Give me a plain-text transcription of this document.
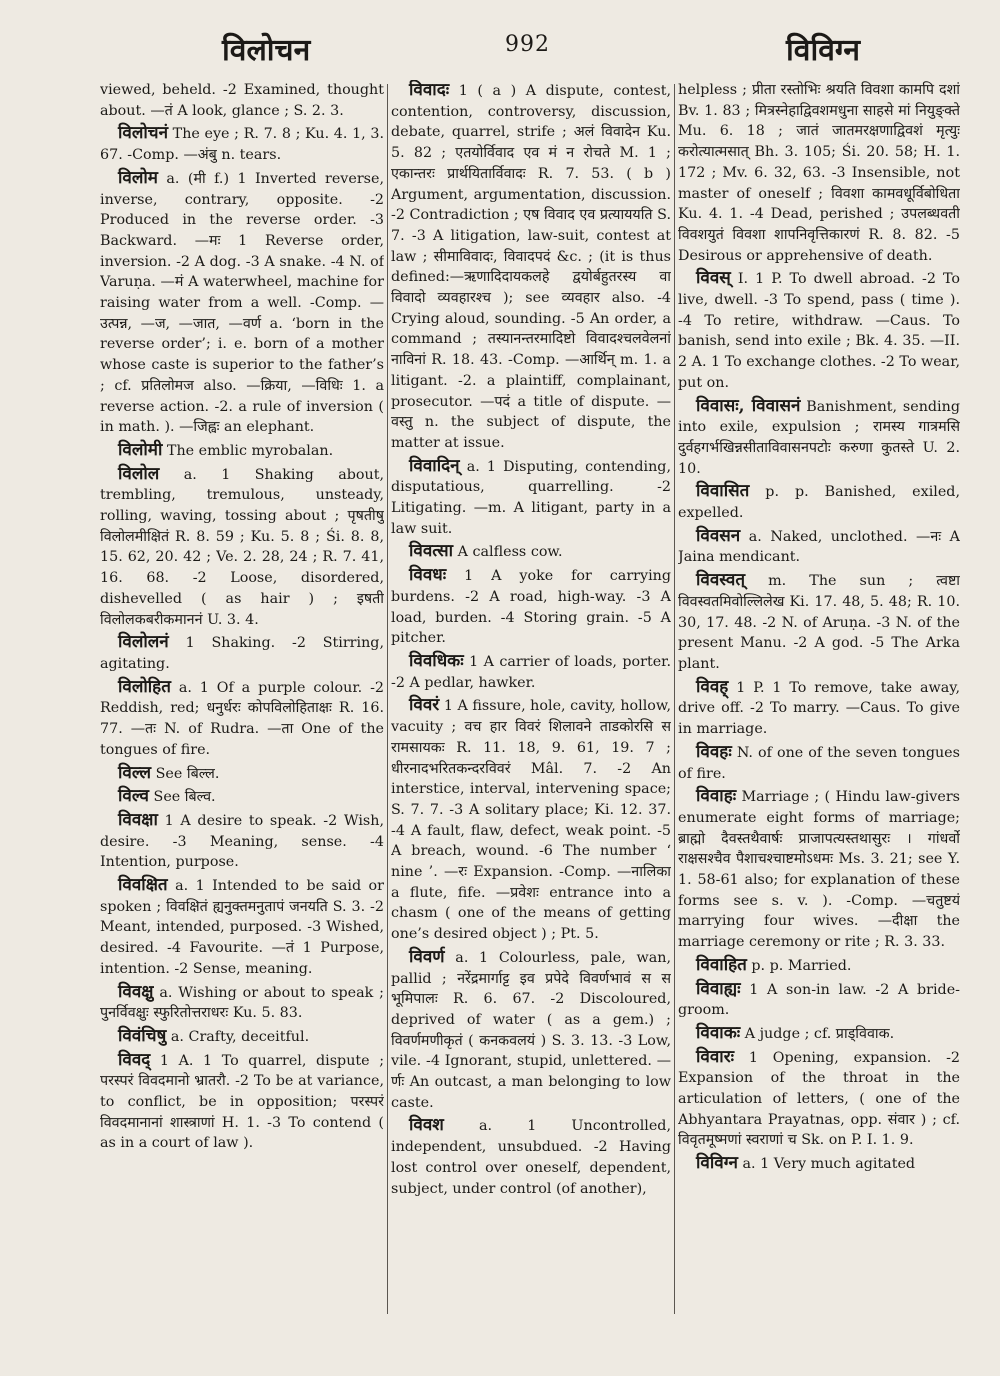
विलोचन	992	विविग्न
viewed, beheld. -2 Examined, thought about. —तं A look, glance ; S. 2. 3.
विलोचनं The eye ; R. 7. 8 ; Ku. 4. 1, 3. 67. -Comp. —अंबु n. tears.
विलोम a. (मी f.) 1 Inverted reverse, inverse, contrary, opposite. -2 Produced in the reverse order. -3 Backward. —मः 1 Reverse order, inversion. -2 A dog. -3 A snake. -4 N. of Varuṇa. —मं A waterwheel, machine for raising water from a well. -Comp. —उत्पन्न, —ज, —जात, —वर्ण a. ‘born in the reverse order’; i. e. born of a mother whose caste is superior to the father’s ; cf. प्रतिलोमज also. —क्रिया, —विधिः 1. a reverse action. -2. a rule of inversion ( in math. ). —जिह्वः an elephant.
विलोमी The emblic myrobalan.
विलोल a. 1 Shaking about, trembling, tremulous, unsteady, rolling, waving, tossing about ; पृषतीषु विलोलमीक्षितं R. 8. 59 ; Ku. 5. 8 ; Śi. 8. 8, 15. 62, 20. 42 ; Ve. 2. 28, 24 ; R. 7. 41, 16. 68. -2 Loose, disordered, dishevelled ( as hair ) ; इषती विलोलकबरीकमाननं U. 3. 4.
विलोलनं 1 Shaking. -2 Stirring, agitating.
विलोहित a. 1 Of a purple colour. -2 Reddish, red; धनुर्धरः कोपविलोहिताक्षः R. 16. 77. —तः N. of Rudra. —ता One of the tongues of fire.
विल्ल See बिल्ल.
विल्व See बिल्व.
विवक्षा 1 A desire to speak. -2 Wish, desire. -3 Meaning, sense. -4 Intention, purpose.
विवक्षित a. 1 Intended to be said or spoken ; विवक्षितं ह्यनुक्तमनुतापं जनयति S. 3. -2 Meant, intended, purposed. -3 Wished, desired. -4 Favourite. —तं 1 Purpose, intention. -2 Sense, meaning.
विवक्षु a. Wishing or about to speak ; पुनर्विवक्षुः स्फुरितोत्तराधरः Ku. 5. 83.
विवंचिषु a. Crafty, deceitful.
विवद् 1 A. 1 To quarrel, dispute ; परस्परं विवदमानो भ्रातरौ. -2 To be at variance, to conflict, be in opposition; परस्परं विवदमानानां शास्त्राणां H. 1. -3 To contend ( as in a court of law ).
विवादः 1 ( a ) A dispute, contest, contention, controversy, discussion, debate, quarrel, strife ; अलं विवादेन Ku. 5. 82 ; एतयोर्विवाद एव मं न रोचते M. 1 ; एकान्तरः प्रार्थयितार्विवादः R. 7. 53. ( b ) Argument, argumentation, discussion. -2 Contradiction ; एष विवाद एव प्रत्याययति S. 7. -3 A litigation, law-suit, contest at law ; सीमाविवादः, विवादपदं &c. ; (it is thus defined:—ऋणादिदायकलहे द्वयोर्बहुतरस्य वा विवादो व्यवहारश्च ); see व्यवहार also. -4 Crying aloud, sounding. -5 An order, a command ; तस्यानन्तरमादिष्टो विवादश्चलवेलनां नाविनां R. 18. 43. -Comp. —आर्थिन् m. 1. a litigant. -2. a plaintiff, complainant, prosecutor. —पदं a title of dispute. —वस्तु n. the subject of dispute, the matter at issue.
विवादिन् a. 1 Disputing, contending, disputatious, quarrelling. -2 Litigating. —m. A litigant, party in a law suit.
विवत्सा A calfless cow.
विवधः 1 A yoke for carrying burdens. -2 A road, high-way. -3 A load, burden. -4 Storing grain. -5 A pitcher.
विवधिकः 1 A carrier of loads, porter. -2 A pedlar, hawker.
विवरं 1 A fissure, hole, cavity, hollow, vacuity ; वच हार विवरं शिलावने ताडकोरसि स रामसायकः R. 11. 18, 9. 61, 19. 7 ; धीरनादभरितकन्दरविवरं Mâl. 7. -2 An interstice, interval, intervening space; S. 7. 7. -3 A solitary place; Ki. 12. 37. -4 A fault, flaw, defect, weak point. -5 A breach, wound. -6 The number ‘ nine ’. —रः Expansion. -Comp. —नालिका a flute, fife. —प्रवेशः entrance into a chasm ( one of the means of getting one’s desired object ) ; Pt. 5.
विवर्ण a. 1 Colourless, pale, wan, pallid ; नरेंद्रमार्गाट्ट इव प्रपेदे विवर्णभावं स स भूमिपालः R. 6. 67. -2 Discoloured, deprived of water ( as a gem.) ; विवर्णमणीकृतं ( कनकवलयं ) S. 3. 13. -3 Low, vile. -4 Ignorant, stupid, unlettered. —र्णः An outcast, a man belonging to low caste.
विवश a. 1 Uncontrolled, independent, unsubdued. -2 Having lost control over oneself, dependent, subject, under control (of another),
helpless ; प्रीता रस्तोभिः श्रयति विवशा कामपि दशां Bv. 1. 83 ; मित्रस्नेहाद्विवशमधुना साहसे मां नियुङ्क्ते Mu. 6. 18 ; जातं जातमरक्षणाद्विवशं मृत्युः करोत्यात्मसात् Bh. 3. 105; Śi. 20. 58; H. 1. 172 ; Mv. 6. 32, 63. -3 Insensible, not master of oneself ; विवशा कामवधूर्विबोधिता Ku. 4. 1. -4 Dead, perished ; उपलब्धवती विवशयुतं विवशा शापनिवृत्तिकारणं R. 8. 82. -5 Desirous or apprehensive of death.
विवस् I. 1 P. To dwell abroad. -2 To live, dwell. -3 To spend, pass ( time ). -4 To retire, withdraw. —Caus. To banish, send into exile ; Bk. 4. 35. —II. 2 A. 1 To exchange clothes. -2 To wear, put on.
विवासः, विवासनं Banishment, sending into exile, expulsion ; रामस्य गात्रमसि दुर्वहगर्भखिन्नसीताविवासनपटोः करुणा कुतस्ते U. 2. 10.
विवासित p. p. Banished, exiled, expelled.
विवसन a. Naked, unclothed. —नः A Jaina mendicant.
विवस्वत् m. The sun ; त्वष्टा विवस्वतमिवोल्लिलेख Ki. 17. 48, 5. 48; R. 10. 30, 17. 48. -2 N. of Aruṇa. -3 N. of the present Manu. -2 A god. -5 The Arka plant.
विवह् 1 P. 1 To remove, take away, drive off. -2 To marry. —Caus. To give in marriage.
विवहः N. of one of the seven tongues of fire.
विवाहः Marriage ; ( Hindu law-givers enumerate eight forms of marriage; ब्राह्मो दैवस्तथैवार्षः प्राजापत्यस्तथासुरः । गांधर्वो राक्षसश्चैव पैशाचश्चाष्टमोऽधमः Ms. 3. 21; see Y. 1. 58-61 also; for explanation of these forms see s. v. ). -Comp. —चतुष्टयं marrying four wives. —दीक्षा the marriage ceremony or rite ; R. 3. 33.
विवाहित p. p. Married.
विवाह्यः 1 A son-in law. -2 A bride-groom.
विवाकः A judge ; cf. प्राड्विवाक.
विवारः 1 Opening, expansion. -2 Expansion of the throat in the articulation of letters, ( one of the Abhyantara Prayatnas, opp. संवार ) ; cf. विवृतमूष्मणां स्वराणां च Sk. on P. I. 1. 9.
विविग्न a. 1 Very much agitated
